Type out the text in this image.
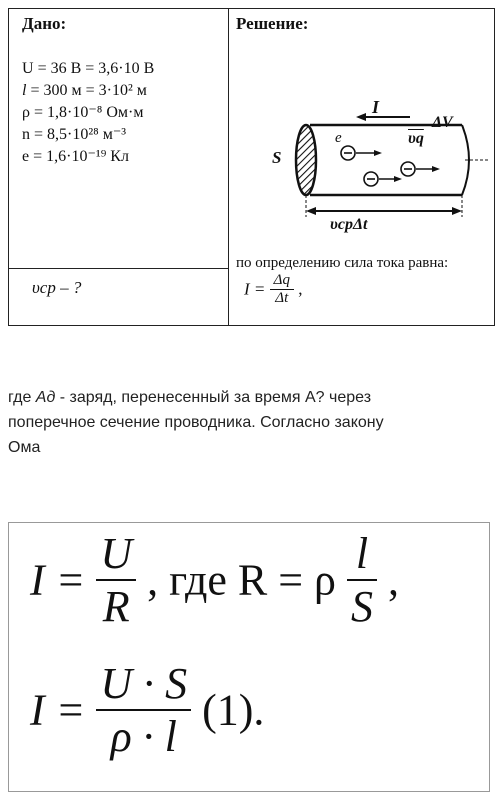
Дано:	Решение:
U = 36 В = 3,6·10 В
l = 300 м = 3·10² м
ρ = 1,8·10⁻⁸ Ом·м
n = 8,5·10²⁸ м⁻³
e = 1,6·10⁻¹⁹ Кл
υср – ?
I
ΔV
S
e	$\overline{\upsilon q}$
υсрΔt
по определению сила тока равна:
$I = \frac{\Delta q}{\Delta t}$ ,
где Ад - заряд, перенесенный за время А? через
поперечное сечение проводника. Согласно закону
Ома
$I = \frac{U}{R}$ , где R = ρ $\frac{l}{S}$ ,
$I = \frac{U \cdot S}{\rho \cdot l} (1)$.
